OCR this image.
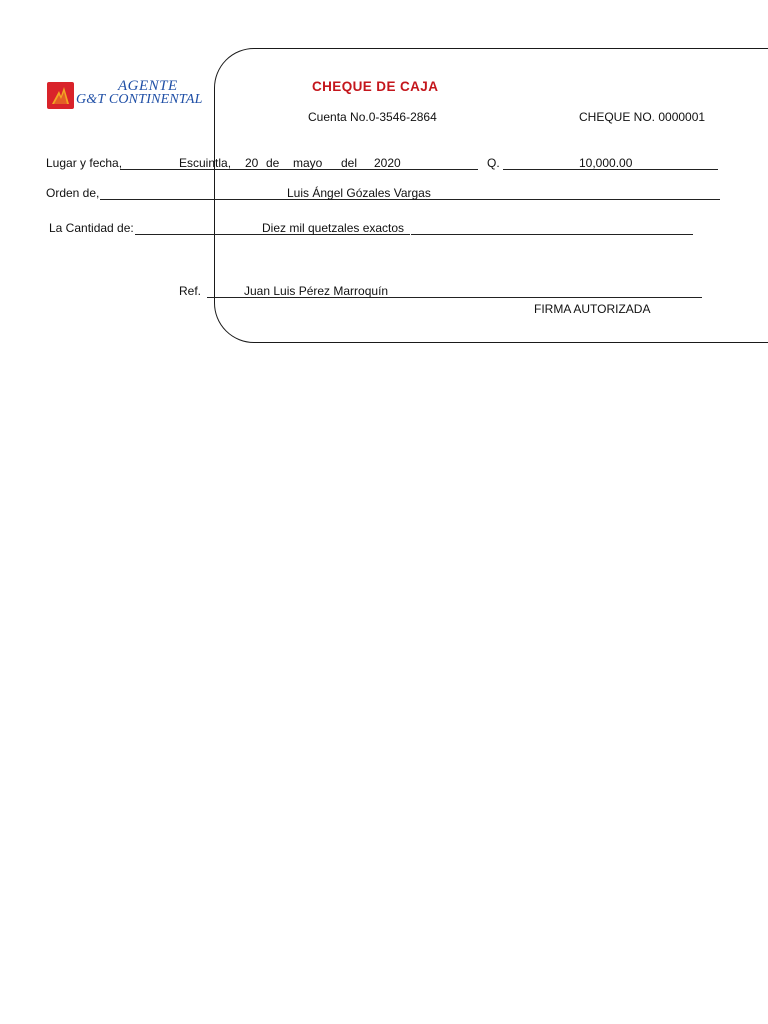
AGENTE
G&T CONTINENTAL
CHEQUE DE CAJA
Cuenta No.0-3546-2864	CHEQUE NO. 0000001
Lugar y fecha,	Escuintla, 20 de mayo del 2020	Q.	10,000.00
Orden de,	Luis Ángel Gózales Vargas
La Cantidad de:	Diez mil quetzales exactos
Ref.	Juan Luis Pérez Marroquín
FIRMA AUTORIZADA
